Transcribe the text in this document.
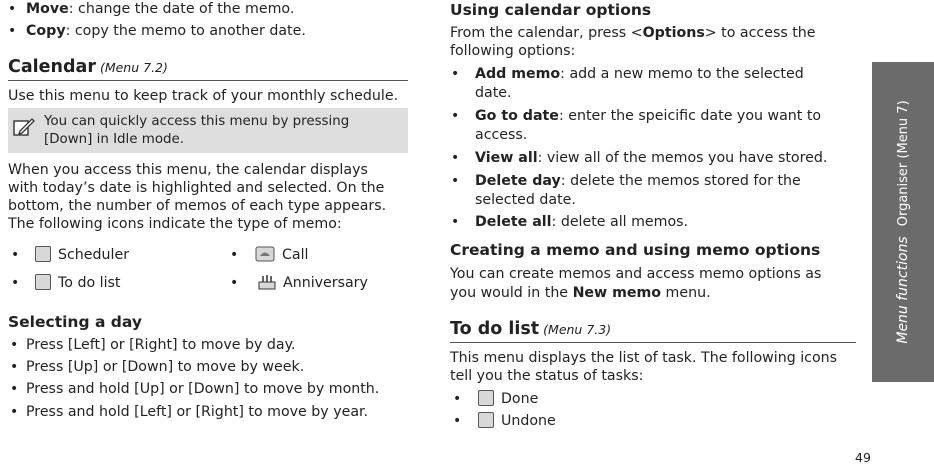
• Move: change the date of the memo.
• Copy: copy the memo to another date.
Calendar (Menu 7.2)
Use this menu to keep track of your monthly schedule.
You can quickly access this menu by pressing
[Down] in Idle mode.
When you access this menu, the calendar displays
with today’s date is highlighted and selected. On the
bottom, the number of memos of each type appears.
The following icons indicate the type of memo:
•	Scheduler	•	Call
•	To do list	•	Anniversary
Selecting a day
• Press [Left] or [Right] to move by day.
• Press [Up] or [Down] to move by week.
• Press and hold [Up] or [Down] to move by month.
• Press and hold [Left] or [Right] to move by year.
Using calendar options
From the calendar, press <Options> to access the
following options:
• Add memo: add a new memo to the selected
date.
• Go to date: enter the speicific date you want to
access.
• View all: view all of the memos you have stored.
• Delete day: delete the memos stored for the
selected date.
• Delete all: delete all memos.
Creating a memo and using memo options
You can create memos and access memo options as
you would in the New memo menu.
To do list (Menu 7.3)
This menu displays the list of task. The following icons
tell you the status of tasks:
•	Done
•	Undone
Menu functionsOrganiser (Menu 7)
49
